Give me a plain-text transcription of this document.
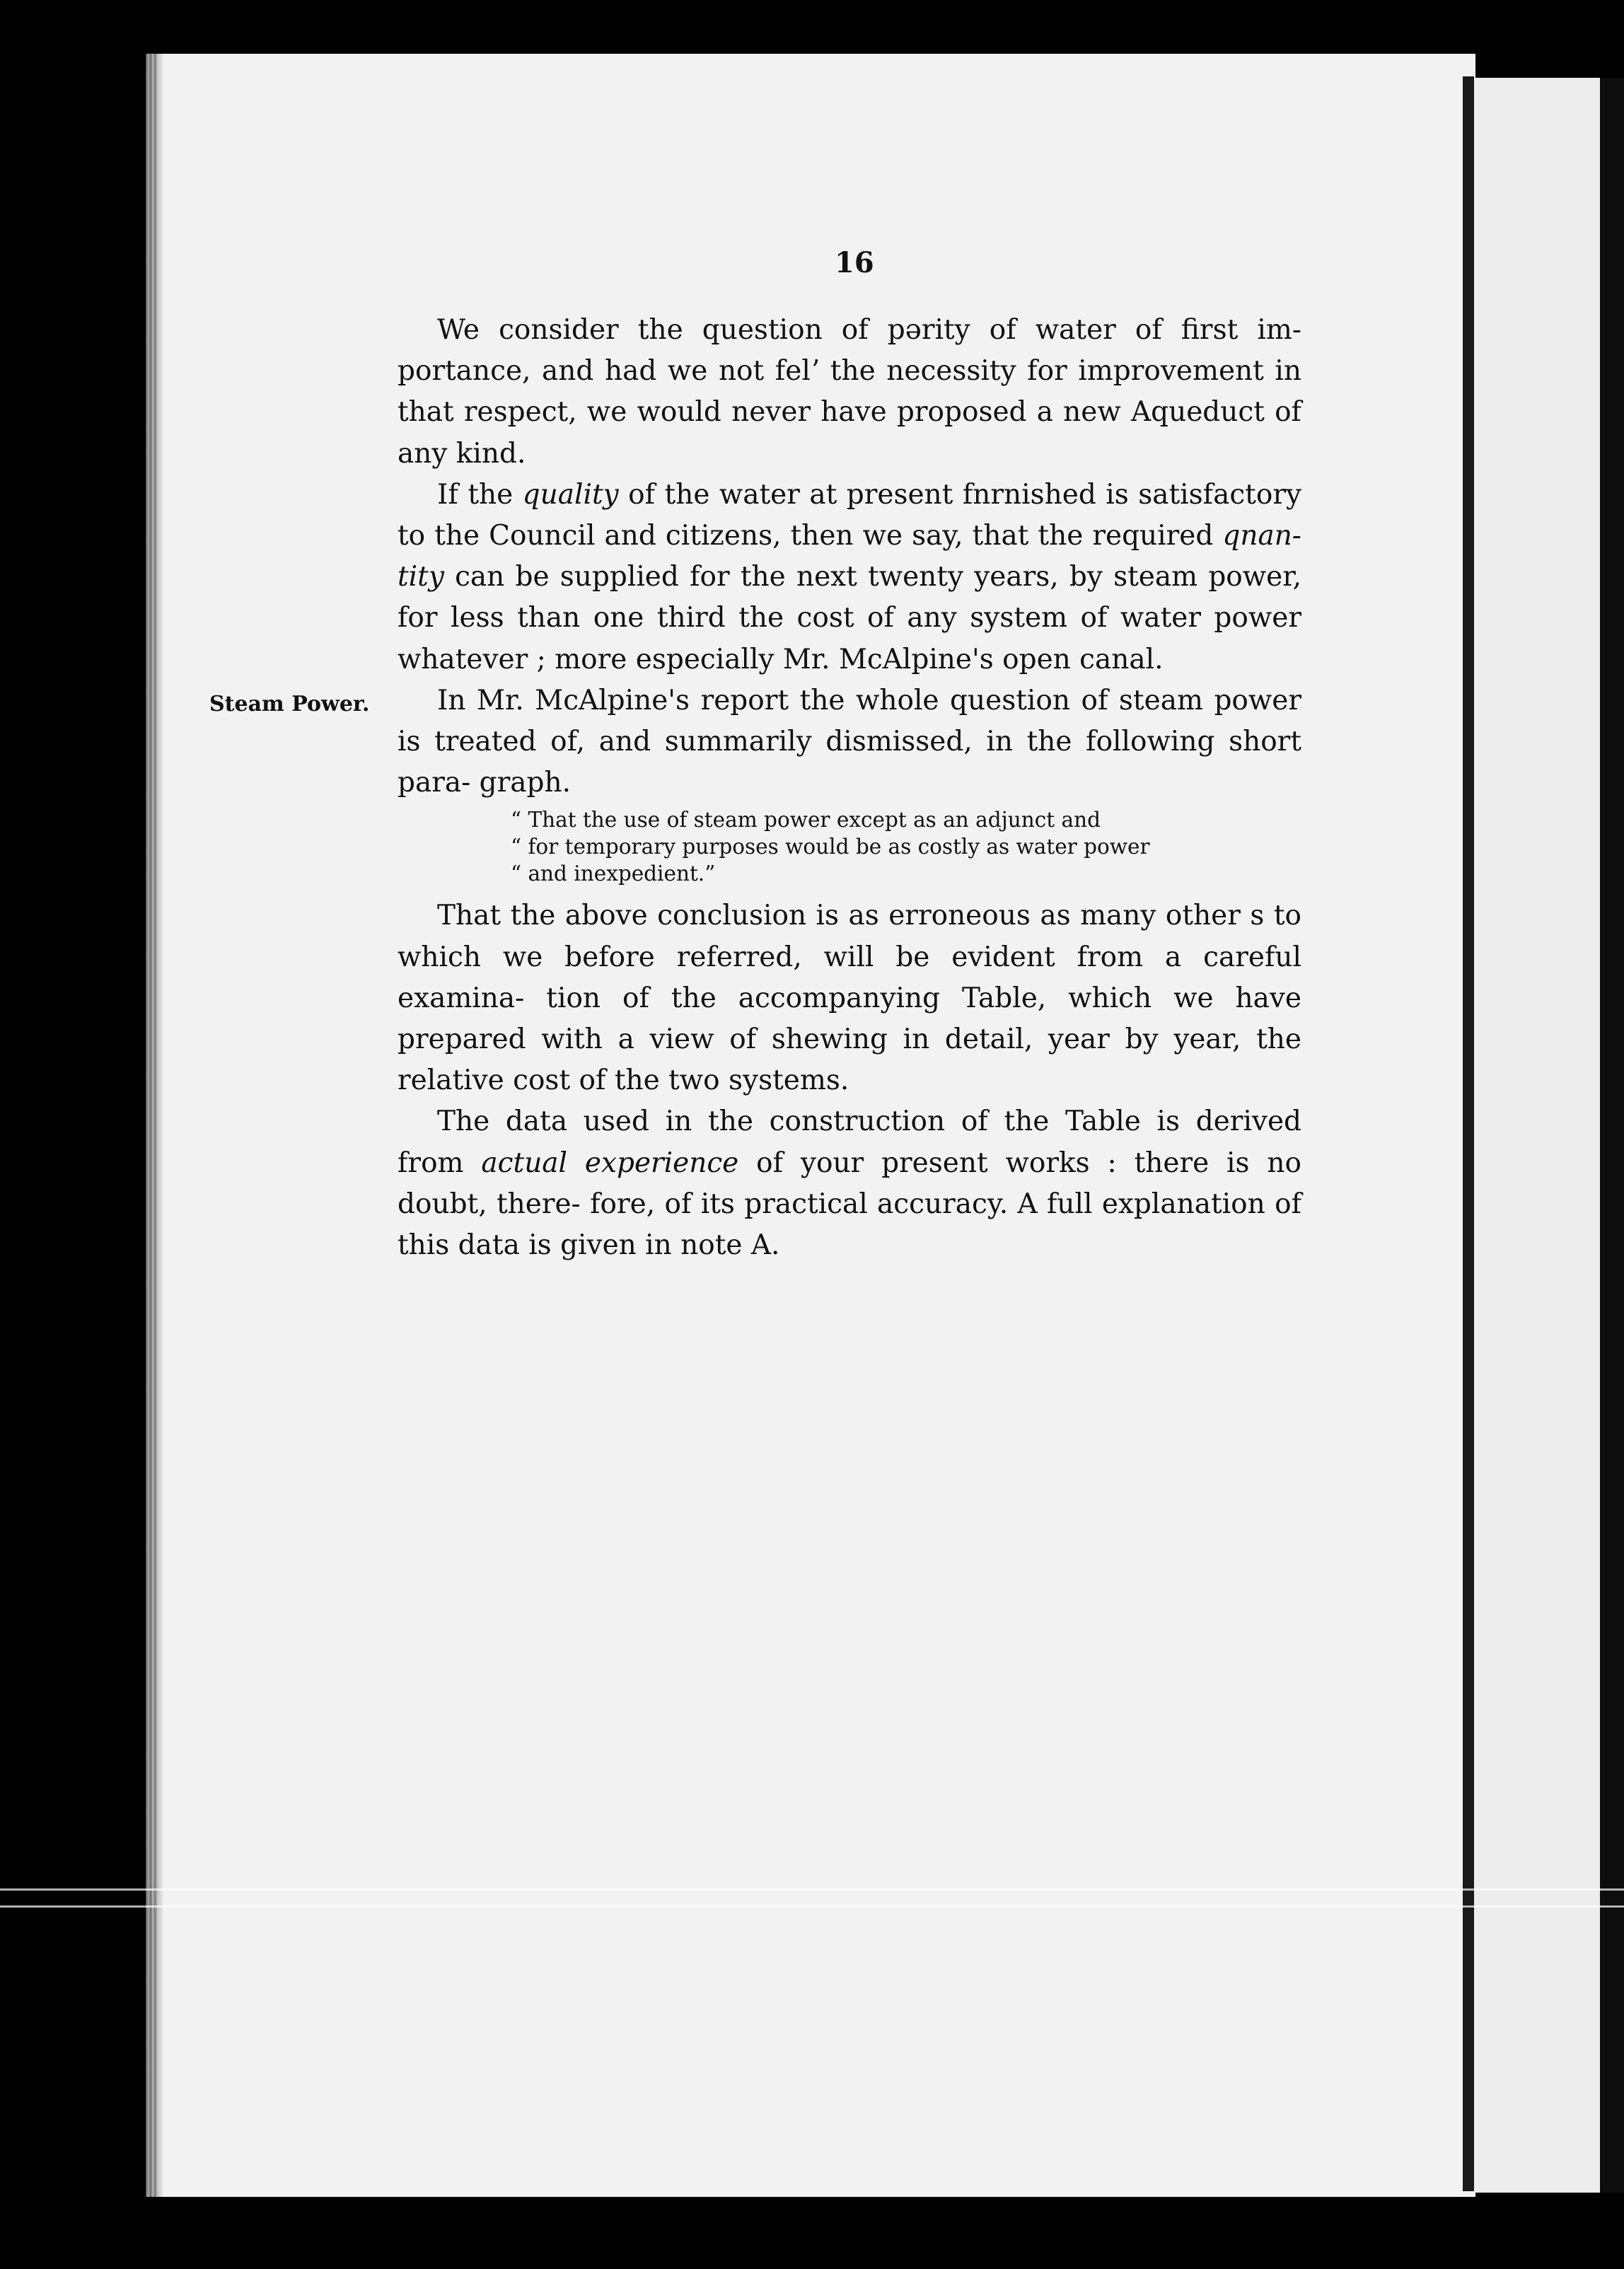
16
Steam Power.

We consider the question of pərity of water of first im- portance, and had we not felʼ the necessity for improvement in that respect, we would never have proposed a new Aqueduct of any kind.

If the quality of the water at present fnrnished is satisfactory to the Council and citizens, then we say, that the required qnan- tity can be supplied for the next twenty years, by steam power, for less than one third the cost of any system of water power whatever ; more especially Mr. McAlpine's open canal.

In Mr. McAlpine's report the whole question of steam power is treated of, and summarily dismissed, in the following short para- graph.

“ That the use of steam power except as an adjunct and
“ for temporary purposes would be as costly as water power
“ and inexpedient.”

That the above conclusion is as erroneous as many other s to which we before referred, will be evident from a careful examina- tion of the accompanying Table, which we have prepared with a view of shewing in detail, year by year, the relative cost of the two systems.

The data used in the construction of the Table is derived from actual experience of your present works : there is no doubt, there- fore, of its practical accuracy. A full explanation of this data is given in note A.
